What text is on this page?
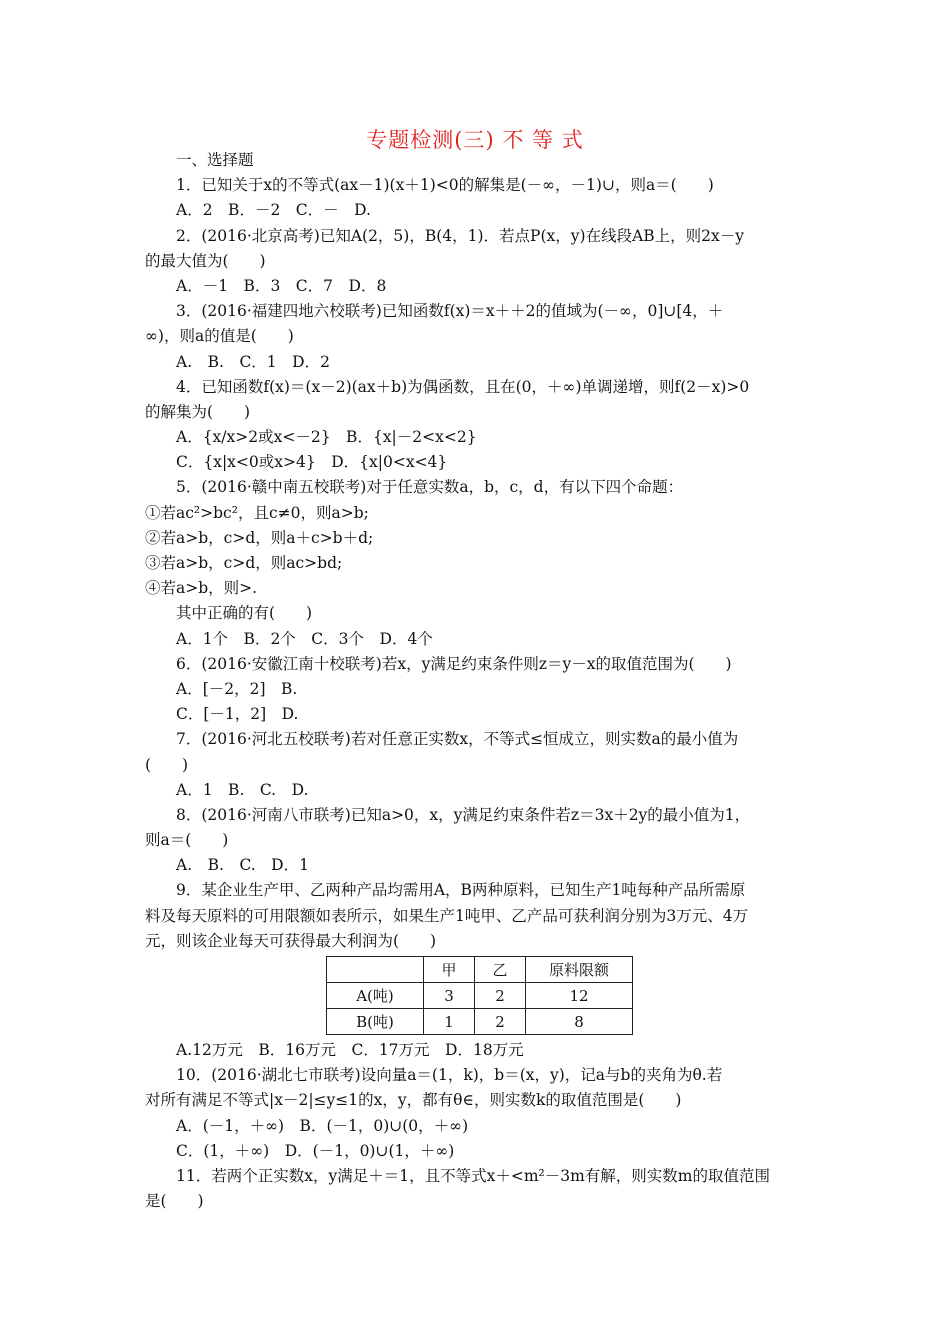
专题检测(三) 不 等 式
一、选择题
1．已知关于x的不等式(ax－1)(x＋1)<0的解集是(－∞，－1)∪，则a＝(　　)
A．2　B．－2　C．－　D.
2．(2016·北京高考)已知A(2，5)，B(4，1)．若点P(x，y)在线段AB上，则2x－y
的最大值为(　　)
A．－1　B．3　C．7　D．8
3．(2016·福建四地六校联考)已知函数f(x)＝x＋＋2的值域为(－∞，0]∪[4，＋
∞)，则a的值是(　　)
A.　B.　C．1　D．2
4．已知函数f(x)＝(x－2)(ax＋b)为偶函数，且在(0，＋∞)单调递增，则f(2－x)>0
的解集为(　　)
A．{x/x>2或x<－2}　B．{x|－2<x<2}
C．{x|x<0或x>4}　D．{x|0<x<4}
5．(2016·赣中南五校联考)对于任意实数a，b，c，d，有以下四个命题：
①若ac²>bc²，且c≠0，则a>b;
②若a>b，c>d，则a＋c>b＋d;
③若a>b，c>d，则ac>bd;
④若a>b，则>.
其中正确的有(　　)
A．1个　B．2个　C．3个　D．4个
6．(2016·安徽江南十校联考)若x，y满足约束条件则z＝y－x的取值范围为(　　)
A．[－2，2]　B.
C．[－1，2]　D.
7．(2016·河北五校联考)若对任意正实数x，不等式≤恒成立，则实数a的最小值为
(　　)
A．1　B.　C.　D.
8．(2016·河南八市联考)已知a>0，x，y满足约束条件若z＝3x＋2y的最小值为1，
则a＝(　　)
A.　B.　C.　D．1
9．某企业生产甲、乙两种产品均需用A，B两种原料，已知生产1吨每种产品所需原
料及每天原料的可用限额如表所示，如果生产1吨甲、乙产品可获利润分别为3万元、4万
元，则该企业每天可获得最大利润为(　　)
	甲	乙	原料限额
A(吨)	3	2	12
B(吨)	1	2	8
A.12万元　B．16万元　C．17万元　D．18万元
10．(2016·湖北七市联考)设向量a＝(1，k)，b＝(x，y)，记a与b的夹角为θ.若
对所有满足不等式|x－2|≤y≤1的x，y，都有θ∈，则实数k的取值范围是(　　)
A．(－1，＋∞)　B．(－1，0)∪(0，＋∞)
C．(1，＋∞)　D．(－1，0)∪(1，＋∞)
11．若两个正实数x，y满足＋＝1，且不等式x＋<m²－3m有解，则实数m的取值范围
是(　　)
